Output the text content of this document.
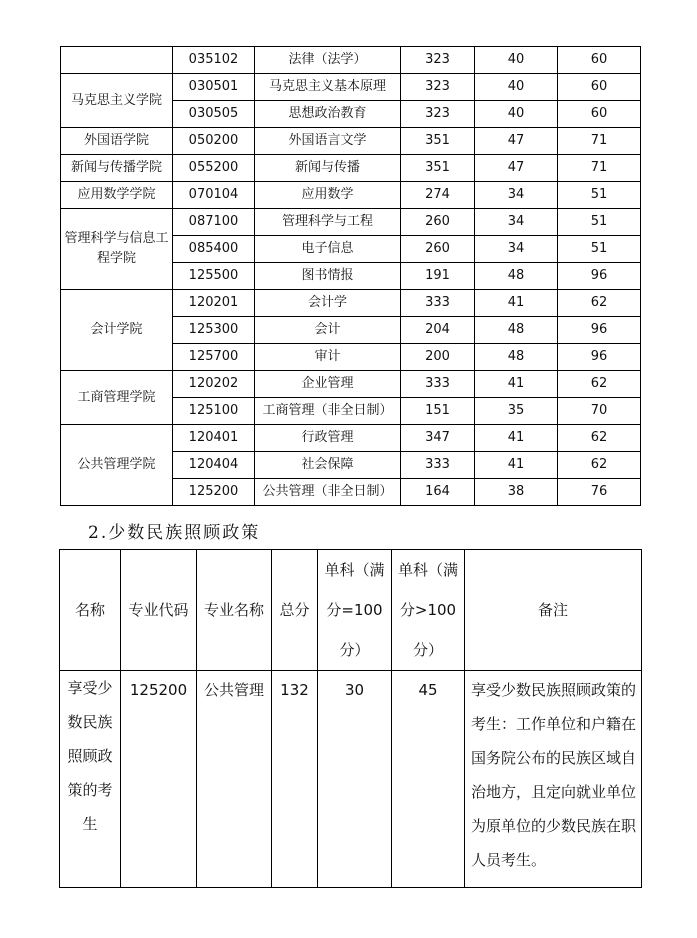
	035102	法律（法学）	323	40	60
马克思主义学院	030501	马克思主义基本原理	323	40	60
	030505	思想政治教育	323	40	60
外国语学院	050200	外国语言文学	351	47	71
新闻与传播学院	055200	新闻与传播	351	47	71
应用数学学院	070104	应用数学	274	34	51
管理科学与信息工程学院	087100	管理科学与工程	260	34	51
	085400	电子信息	260	34	51
	125500	图书情报	191	48	96
会计学院	120201	会计学	333	41	62
	125300	会计	204	48	96
	125700	审计	200	48	96
工商管理学院	120202	企业管理	333	41	62
	125100	工商管理（非全日制）	151	35	70
公共管理学院	120401	行政管理	347	41	62
	120404	社会保障	333	41	62
	125200	公共管理（非全日制）	164	38	76
2.少数民族照顾政策
名称	专业代码	专业名称	总分	单科（满分=100分）	单科（满分>100分）	备注
享受少数民族照顾政策的考生	125200	公共管理	132	30	45	享受少数民族照顾政策的考生：工作单位和户籍在国务院公布的民族区域自治地方，且定向就业单位为原单位的少数民族在职人员考生。
